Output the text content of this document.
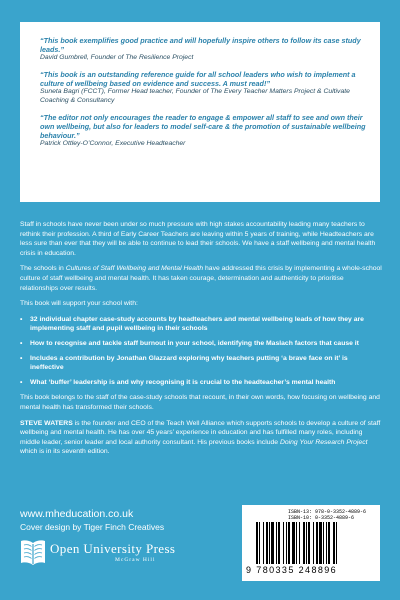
“This book exemplifies good practice and will hopefully inspire others to follow its case study leads.”
David Gumbrell, Founder of The Resilience Project
“This book is an outstanding reference guide for all school leaders who wish to implement a culture of wellbeing based on evidence and success. A must read!”
Suneta Bagri (FCCT), Former Head teacher, Founder of The Every Teacher Matters Project & Cultivate Coaching & Consultancy
“The editor not only encourages the reader to engage & empower all staff to see and own their own wellbeing, but also for leaders to model self-care & the promotion of sustainable wellbeing behaviour.”
Patrick Ottley-O’Connor, Executive Headteacher

Staff in schools have never been under so much pressure with high stakes accountability leading many teachers to rethink their profession. A third of Early Career Teachers are leaving within 5 years of training, while Headteachers are less sure than ever that they will be able to continue to lead their schools. We have a staff wellbeing and mental health crisis in education.

The schools in Cultures of Staff Wellbeing and Mental Health have addressed this crisis by implementing a whole-school culture of staff wellbeing and mental health. It has taken courage, determination and authenticity to prioritise relationships over results.

This book will support your school with:

• 32 individual chapter case-study accounts by headteachers and mental wellbeing leads of how they are implementing staff and pupil wellbeing in their schools
• How to recognise and tackle staff burnout in your school, identifying the Maslach factors that cause it
• Includes a contribution by Jonathan Glazzard exploring why teachers putting ‘a brave face on it’ is ineffective
• What ‘buffer’ leadership is and why recognising it is crucial to the headteacher’s mental health

This book belongs to the staff of the case-study schools that recount, in their own words, how focusing on wellbeing and mental health has transformed their schools.

STEVE WATERS is the founder and CEO of the Teach Well Alliance which supports schools to develop a culture of staff wellbeing and mental health. He has over 45 years’ experience in education and has fulfilled many roles, including middle leader, senior leader and local authority consultant. His previous books include Doing Your Research Project which is in its seventh edition.

www.mheducation.co.uk
Cover design by Tiger Finch Creatives
Open University Press
McGraw Hill
ISBN-13: 978-0-3352-4889-6
ISBN-10: 0-3352-4889-6
9 780335 248896
